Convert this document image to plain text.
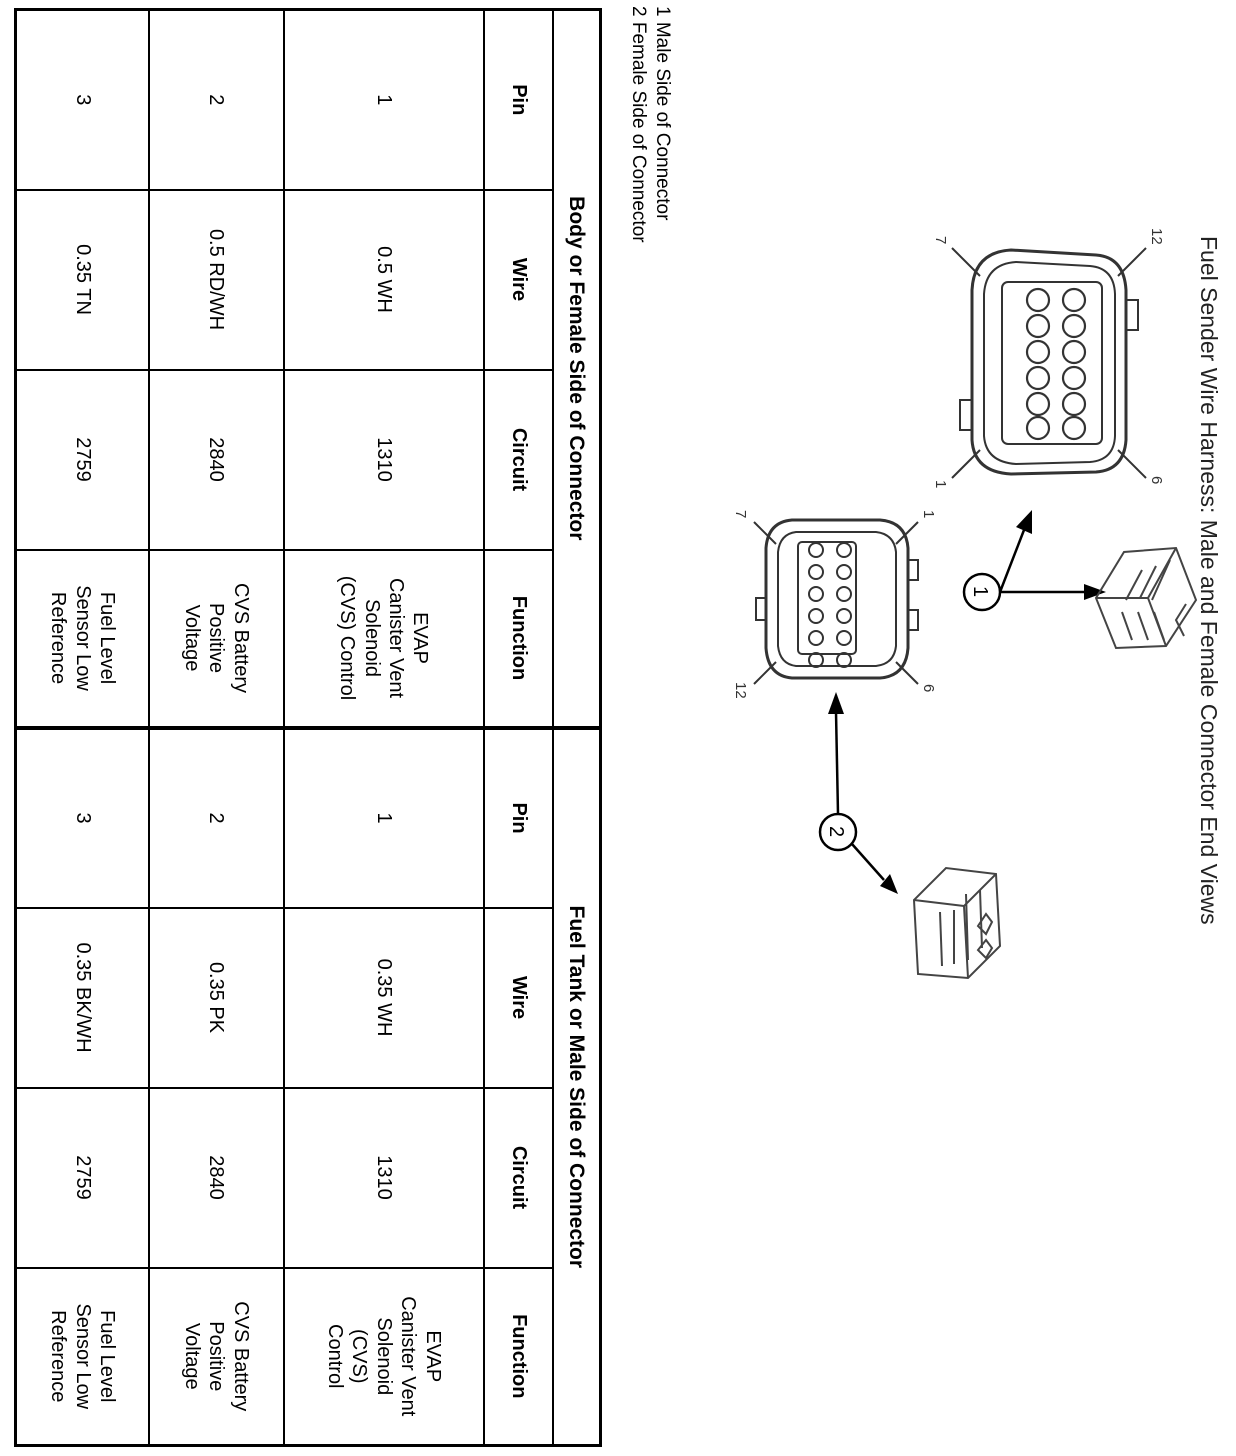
Fuel Sender Wire Harness: Male and Female Connector End Views
12
6
7
1
1
1
6
7
12
2
1 Male Side of Connector
2 Female Side of Connector
Body or Female Side of Connector				Fuel Tank or Male Side of Connector			
Pin	Wire	Circuit	Function	Pin	Wire	Circuit	Function
1	0.5 WH	1310	EVAP
Canister Vent
Solenoid
(CVS) Control	1	0.35 WH	1310	EVAP
Canister Vent
Solenoid
(CVS)
Control
2	0.5 RD/WH	2840	CVS Battery
Positive
Voltage	2	0.35 PK	2840	CVS Battery
Positive
Voltage
3	0.35 TN	2759	Fuel Level
Sensor Low
Reference	3	0.35 BK/WH	2759	Fuel Level
Sensor Low
Reference
